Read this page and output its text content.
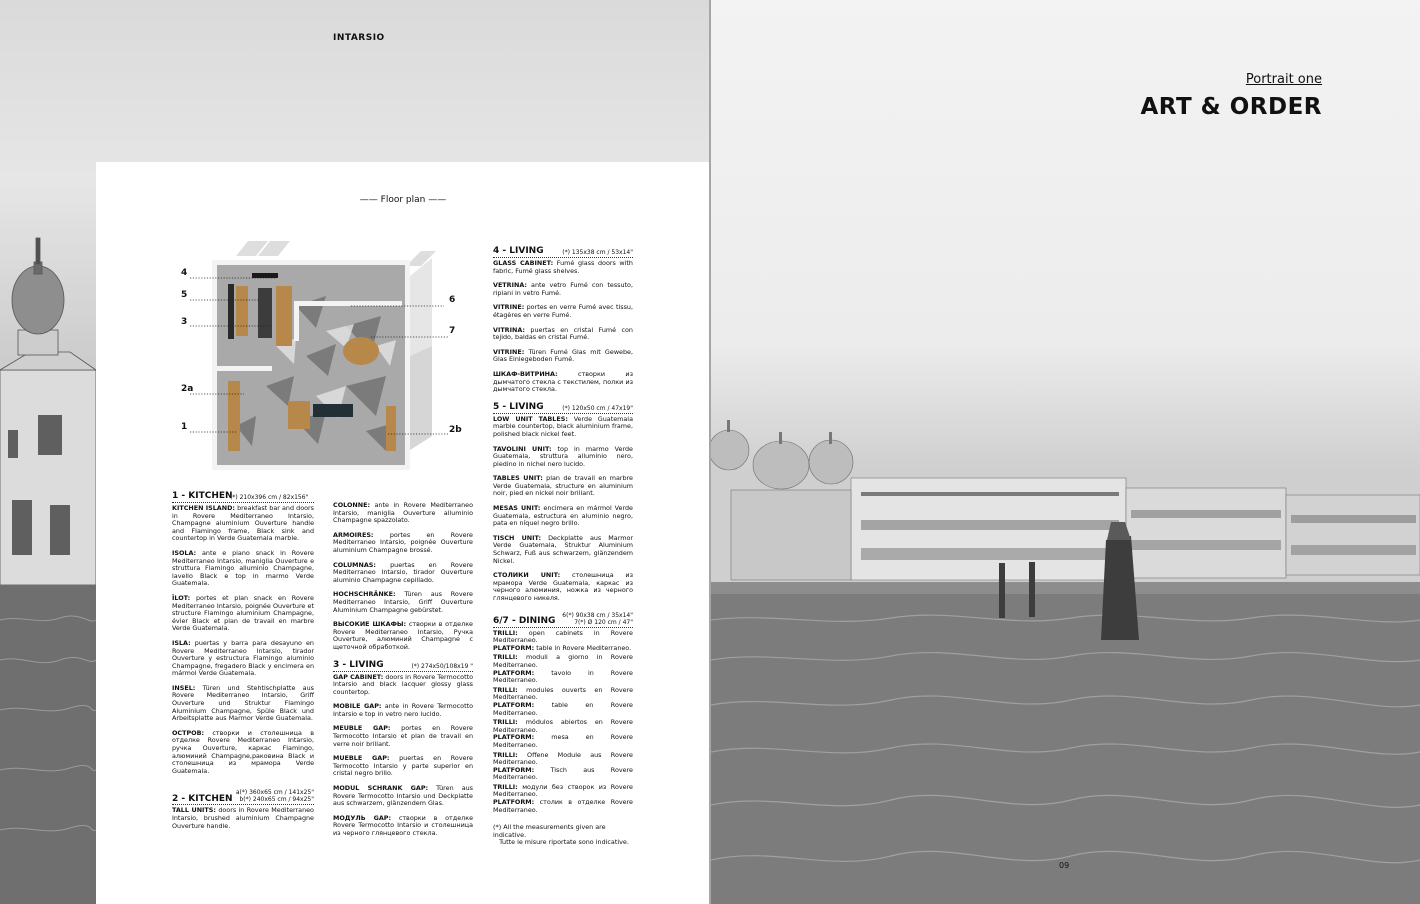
INTARSIO
—— Floor plan ——
4
5
3
2a
1
6
7
2b
1 - KITCHEN
(*) 210x396 cm / 82x156"

KITCHEN ISLAND: breakfast bar and doors in Rovere Mediterraneo Intarsio, Champagne aluminium Ouverture handle and Flamingo frame, Black sink and countertop in Verde Guatemala marble.

ISOLA: ante e piano snack in Rovere Mediterraneo Intarsio, maniglia Ouverture e struttura Flamingo alluminio Champagne, lavello Black e top in marmo Verde Guatemala.

ÎLOT: portes et plan snack en Rovere Mediterraneo Intarsio, poignée Ouverture et structure Flamingo aluminium Champagne, évier Black et plan de travail en marbre Verde Guatemala.

ISLA: puertas y barra para desayuno en Rovere Mediterraneo Intarsio, tirador Ouverture y estructura Flamingo aluminio Champagne, fregadero Black y encimera en mármol Verde Guatemala.

INSEL: Türen und Stehtischplatte aus Rovere Mediterraneo Intarsio, Griff Ouverture und Struktur Flamingo Aluminium Champagne, Spüle Black und Arbeitsplatte aus Marmor Verde Guatemala.

ОСТРОВ: створки и столешница в отделке Rovere Mediterraneo Intarsio, ручка Ouverture, каркас Flamingo, алюминий Champagne,раковина Black и столешница из мрамора Verde Guatemala.

2 - KITCHEN
a(*) 360x65 cm / 141x25"
b(*) 240x65 cm / 94x25"

TALL UNITS: doors in Rovere Mediterraneo Intarsio, brushed aluminium Champagne Ouverture handle.

COLONNE: ante in Rovere Mediterraneo Intarsio, maniglia Ouverture alluminio Champagne spazzolato.

ARMOIRES:	portes en Rovere Mediterraneo Intarsio, poignée Ouverture aluminium Champagne brossé.

COLUMNAS: puertas en Rovere Mediterraneo Intarsio, tirador Ouverture aluminio Champagne cepillado.

HOCHSCHRÄNKE: Türen aus Rovere Mediterraneo Intarsio, Griff Ouverture Aluminium Champagne gebürstet.

ВЫСОКИЕ ШКАФЫ: створки в отделке Rovere Mediterraneo Intarsio, Ручка Ouverture, алюминий Champagne с щеточной обработкой.

3 - LIVING	(*) 274x50/108x19 "

GAP CABINET: doors in Rovere Termocotto Intarsio and black lacquer glossy glass countertop.

MOBILE GAP: ante in Rovere Termocotto Intarsio e top in vetro nero lucido.

MEUBLE GAP: portes en Rovere Termocotto Intarsio et plan de travail en verre noir brillant.

MUEBLE GAP: puertas en Rovere Termocotto Intarsio y parte superior en cristal negro brillo.

MODUL SCHRANK GAP: Türen aus Rovere Termocotto Intarsio und Deckplatte aus schwarzem, glänzendem Glas.

МОДУЛЬ GAP: створки в отделке Rovere Termocotto Intarsio и столешница из черного глянцевого стекла.

4 - LIVING	(*) 135x38 cm / 53x14"

GLASS CABINET: Fumé glass doors with fabric, Fumé glass shelves.

VETRINA: ante vetro Fumé con tessuto, ripiani in vetro Fumé.

VITRINE: portes en verre Fumé avec tissu, étagères en verre Fumé.

VITRINA: puertas en cristal Fumé con tejido, baldas en cristal Fumé.

VITRINE: Türen Fumé Glas mit Gewebe, Glas Einlegeboden Fumé.

ШКАФ-ВИТРИНА:	створки из дымчатого стекла с текстилем, полки из дымчатого стекла.

5 - LIVING	(*) 120x50 cm / 47x19"

LOW UNIT TABLES: Verde Guatemala marble countertop, black aluminium frame, polished black nickel feet.

TAVOLINI UNIT: top in marmo Verde Guatemala, struttura alluminio nero, piedino in nichel nero lucido.

TABLES UNIT: plan de travail en marbre Verde Guatemala, structure en aluminium noir, pied en nickel noir brillant.

MESAS UNIT: encimera en mármol Verde Guatemala, estructura en aluminio negro, pata en níquel negro brillo.

TISCH UNIT: Deckplatte aus Marmor Verde Guatemala, Struktur Aluminium Schwarz, Fuß aus schwarzem, glänzendem Nickel.

СТОЛИКИ UNIT: столешница из мрамора Verde Guatemala, каркас из черного алюминия, ножка из черного глянцевого никеля.

6/7 - DINING
6(*) 90x38 cm / 35x14"
7(*) Ø 120 cm / 47"

TRILLI: open cabinets in Rovere Mediterraneo.
PLATFORM: table in Rovere Mediterraneo.

TRILLI: moduli a giorno in Rovere Mediterraneo.
PLATFORM:	tavolo in Rovere Mediterraneo.

TRILLI: modules ouverts en Rovere Mediterraneo.
PLATFORM:	table en Rovere Mediterraneo.

TRILLI: módulos abiertos en Rovere Mediterraneo.
PLATFORM:	mesa en Rovere Mediterraneo.

TRILLI: Offene Module aus Rovere Mediterraneo.
PLATFORM:	Tisch aus Rovere Mediterraneo.

TRILLI: модули без створок из Rovere Mediterraneo.
PLATFORM: столик в отделке Rovere Mediterraneo.

(*) All the measurements given are indicative.
Tutte le misure riportate sono indicative.

Portrait one
ART & ORDER
09
